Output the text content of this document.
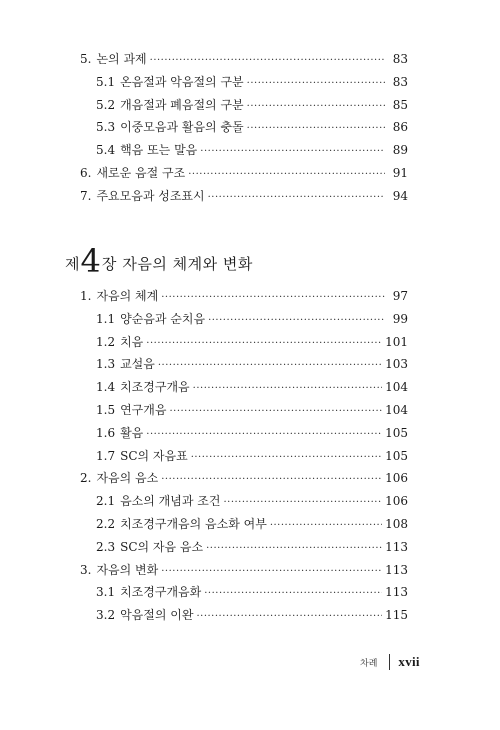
5. 논의 과제 ·····	83
5.1 온음절과 악음절의 구분 ·····	83
5.2 개음절과 폐음절의 구분 ·····	85
5.3 이중모음과 활음의 충돌 ·····	86
5.4 핵음 또는 말음 ·····	89
6. 새로운 음절 구조 ·····	91
7. 주요모음과 성조표시 ·····	94
제 4 장 자음의 체계와 변화
1. 자음의 체계 ·····	97
1.1 양순음과 순치음 ·····	99
1.2 치음 ·····	101
1.3 교설음 ·····	103
1.4 치조경구개음 ·····	104
1.5 연구개음 ·····	104
1.6 활음 ·····	105
1.7 SC의 자음표 ·····	105
2. 자음의 음소 ·····	106
2.1 음소의 개념과 조건 ·····	106
2.2 치조경구개음의 음소화 여부 ·····	108
2.3 SC의 자음 음소 ·····	113
3. 자음의 변화 ·····	113
3.1 치조경구개음화 ·····	113
3.2 악음절의 이완 ·····	115
차례 xvii
